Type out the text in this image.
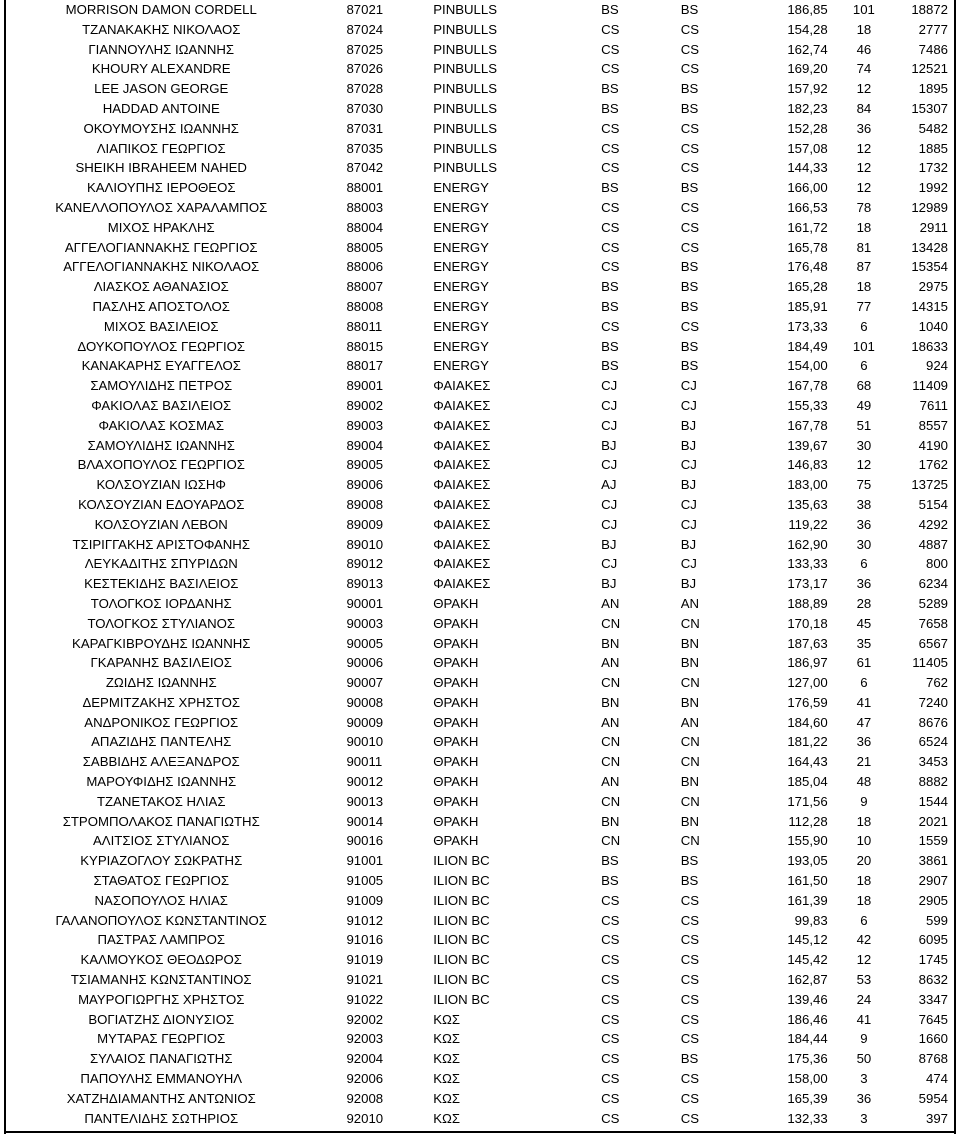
MORRISON DAMON CORDELL	87021	PINBULLS	BS	BS	186,85	101	18872
ΤΖΑΝΑΚΑΚΗΣ ΝΙΚΟΛΑΟΣ	87024	PINBULLS	CS	CS	154,28	18	2777
ΓΙΑΝΝΟΥΛΗΣ ΙΩΑΝΝΗΣ	87025	PINBULLS	CS	CS	162,74	46	7486
KHOURY ALEXANDRE	87026	PINBULLS	CS	CS	169,20	74	12521
LEE JASON GEORGE	87028	PINBULLS	BS	BS	157,92	12	1895
HADDAD ANTOINE	87030	PINBULLS	BS	BS	182,23	84	15307
ΟΚΟΥΜΟΥΣΗΣ ΙΩΑΝΝΗΣ	87031	PINBULLS	CS	CS	152,28	36	5482
ΛΙΑΠΙΚΟΣ ΓΕΩΡΓΙΟΣ	87035	PINBULLS	CS	CS	157,08	12	1885
SHEIKH IBRAHEEM NAHED	87042	PINBULLS	CS	CS	144,33	12	1732
ΚΑΛΙΟΥΠΗΣ ΙΕΡΟΘΕΟΣ	88001	ENERGY	BS	BS	166,00	12	1992
ΚΑΝΕΛΛΟΠΟΥΛΟΣ ΧΑΡΑΛΑΜΠΟΣ	88003	ENERGY	CS	CS	166,53	78	12989
ΜΙΧΟΣ ΗΡΑΚΛΗΣ	88004	ENERGY	CS	CS	161,72	18	2911
ΑΓΓΕΛΟΓΙΑΝΝΑΚΗΣ ΓΕΩΡΓΙΟΣ	88005	ENERGY	CS	CS	165,78	81	13428
ΑΓΓΕΛΟΓΙΑΝΝΑΚΗΣ ΝΙΚΟΛΑΟΣ	88006	ENERGY	CS	BS	176,48	87	15354
ΛΙΑΣΚΟΣ ΑΘΑΝΑΣΙΟΣ	88007	ENERGY	BS	BS	165,28	18	2975
ΠΑΣΛΗΣ ΑΠΟΣΤΟΛΟΣ	88008	ENERGY	BS	BS	185,91	77	14315
ΜΙΧΟΣ ΒΑΣΙΛΕΙΟΣ	88011	ENERGY	CS	CS	173,33	6	1040
ΔΟΥΚΟΠΟΥΛΟΣ ΓΕΩΡΓΙΟΣ	88015	ENERGY	BS	BS	184,49	101	18633
ΚΑΝΑΚΑΡΗΣ ΕΥΑΓΓΕΛΟΣ	88017	ENERGY	BS	BS	154,00	6	924
ΣΑΜΟΥΛΙΔΗΣ ΠΕΤΡΟΣ	89001	ΦΑΙΑΚΕΣ	CJ	CJ	167,78	68	11409
ΦΑΚΙΟΛΑΣ ΒΑΣΙΛΕΙΟΣ	89002	ΦΑΙΑΚΕΣ	CJ	CJ	155,33	49	7611
ΦΑΚΙΟΛΑΣ ΚΟΣΜΑΣ	89003	ΦΑΙΑΚΕΣ	CJ	BJ	167,78	51	8557
ΣΑΜΟΥΛΙΔΗΣ ΙΩΑΝΝΗΣ	89004	ΦΑΙΑΚΕΣ	BJ	BJ	139,67	30	4190
ΒΛΑΧΟΠΟΥΛΟΣ ΓΕΩΡΓΙΟΣ	89005	ΦΑΙΑΚΕΣ	CJ	CJ	146,83	12	1762
ΚΟΛΣΟΥΖΙΑΝ ΙΩΣΗΦ	89006	ΦΑΙΑΚΕΣ	AJ	BJ	183,00	75	13725
ΚΟΛΣΟΥΖΙΑΝ ΕΔΟΥΑΡΔΟΣ	89008	ΦΑΙΑΚΕΣ	CJ	CJ	135,63	38	5154
ΚΟΛΣΟΥΖΙΑΝ ΛΕΒΟΝ	89009	ΦΑΙΑΚΕΣ	CJ	CJ	119,22	36	4292
ΤΣΙΡΙΓΓΑΚΗΣ ΑΡΙΣΤΟΦΑΝΗΣ	89010	ΦΑΙΑΚΕΣ	BJ	BJ	162,90	30	4887
ΛΕΥΚΑΔΙΤΗΣ ΣΠΥΡΙΔΩΝ	89012	ΦΑΙΑΚΕΣ	CJ	CJ	133,33	6	800
ΚΕΣΤΕΚΙΔΗΣ ΒΑΣΙΛΕΙΟΣ	89013	ΦΑΙΑΚΕΣ	BJ	BJ	173,17	36	6234
ΤΟΛΟΓΚΟΣ ΙΟΡΔΑΝΗΣ	90001	ΘΡΑΚΗ	AN	AN	188,89	28	5289
ΤΟΛΟΓΚΟΣ ΣΤΥΛΙΑΝΟΣ	90003	ΘΡΑΚΗ	CN	CN	170,18	45	7658
ΚΑΡΑΓΚΙΒΡΟΥΔΗΣ ΙΩΑΝΝΗΣ	90005	ΘΡΑΚΗ	BN	BN	187,63	35	6567
ΓΚΑΡΑΝΗΣ ΒΑΣΙΛΕΙΟΣ	90006	ΘΡΑΚΗ	AN	BN	186,97	61	11405
ΖΩΙΔΗΣ ΙΩΑΝΝΗΣ	90007	ΘΡΑΚΗ	CN	CN	127,00	6	762
ΔΕΡΜΙΤΖΑΚΗΣ ΧΡΗΣΤΟΣ	90008	ΘΡΑΚΗ	BN	BN	176,59	41	7240
ΑΝΔΡΟΝΙΚΟΣ ΓΕΩΡΓΙΟΣ	90009	ΘΡΑΚΗ	AN	AN	184,60	47	8676
ΑΠΑΖΙΔΗΣ ΠΑΝΤΕΛΗΣ	90010	ΘΡΑΚΗ	CN	CN	181,22	36	6524
ΣΑΒΒΙΔΗΣ ΑΛΕΞΑΝΔΡΟΣ	90011	ΘΡΑΚΗ	CN	CN	164,43	21	3453
ΜΑΡΟΥΦΙΔΗΣ ΙΩΑΝΝΗΣ	90012	ΘΡΑΚΗ	AN	BN	185,04	48	8882
ΤΖΑΝΕΤΑΚΟΣ ΗΛΙΑΣ	90013	ΘΡΑΚΗ	CN	CN	171,56	9	1544
ΣΤΡΟΜΠΟΛΑΚΟΣ ΠΑΝΑΓΙΩΤΗΣ	90014	ΘΡΑΚΗ	BN	BN	112,28	18	2021
ΑΛΙΤΣΙΟΣ ΣΤΥΛΙΑΝΟΣ	90016	ΘΡΑΚΗ	CN	CN	155,90	10	1559
ΚΥΡΙΑΖΟΓΛΟΥ ΣΩΚΡΑΤΗΣ	91001	ILION BC	BS	BS	193,05	20	3861
ΣΤΑΘΑΤΟΣ ΓΕΩΡΓΙΟΣ	91005	ILION BC	BS	BS	161,50	18	2907
ΝΑΣΟΠΟΥΛΟΣ ΗΛΙΑΣ	91009	ILION BC	CS	CS	161,39	18	2905
ΓΑΛΑΝΟΠΟΥΛΟΣ ΚΩΝΣΤΑΝΤΙΝΟΣ	91012	ILION BC	CS	CS	99,83	6	599
ΠΑΣΤΡΑΣ ΛΑΜΠΡΟΣ	91016	ILION BC	CS	CS	145,12	42	6095
ΚΑΛΜΟΥΚΟΣ ΘΕΟΔΩΡΟΣ	91019	ILION BC	CS	CS	145,42	12	1745
ΤΣΙΑΜΑΝΗΣ ΚΩΝΣΤΑΝΤΙΝΟΣ	91021	ILION BC	CS	CS	162,87	53	8632
ΜΑΥΡΟΓΙΩΡΓΗΣ ΧΡΗΣΤΟΣ	91022	ILION BC	CS	CS	139,46	24	3347
ΒΟΓΙΑΤΖΗΣ ΔΙΟΝΥΣΙΟΣ	92002	ΚΩΣ	CS	CS	186,46	41	7645
ΜΥΤΑΡΑΣ ΓΕΩΡΓΙΟΣ	92003	ΚΩΣ	CS	CS	184,44	9	1660
ΣΥΛΑΙΟΣ ΠΑΝΑΓΙΩΤΗΣ	92004	ΚΩΣ	CS	BS	175,36	50	8768
ΠΑΠΟΥΛΗΣ ΕΜΜΑΝΟΥΗΛ	92006	ΚΩΣ	CS	CS	158,00	3	474
ΧΑΤΖΗΔΙΑΜΑΝΤΗΣ ΑΝΤΩΝΙΟΣ	92008	ΚΩΣ	CS	CS	165,39	36	5954
ΠΑΝΤΕΛΙΔΗΣ ΣΩΤΗΡΙΟΣ	92010	ΚΩΣ	CS	CS	132,33	3	397
